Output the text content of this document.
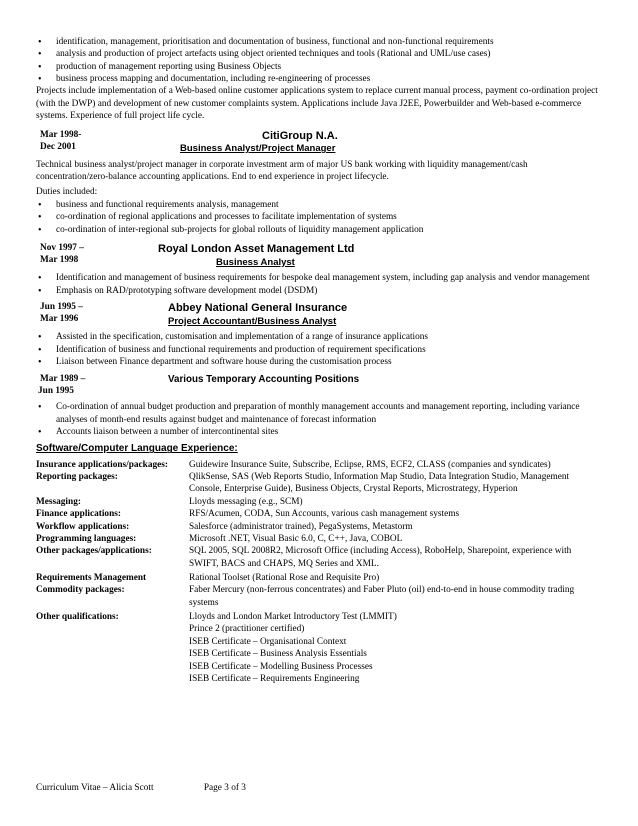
• identification, management, prioritisation and documentation of business, functional and non-functional requirements
• analysis and production of project artefacts using object oriented techniques and tools (Rational and UML/use cases)
• production of management reporting using Business Objects
• business process mapping and documentation, including re-engineering of processes

Projects include implementation of a Web-based online customer applications system to replace current manual process, payment co-ordination project (with the DWP) and development of new customer complaints system. Applications include Java J2EE, Powerbuilder and Web-based e-commerce systems. Experience of full project life cycle.

Mar 1998-
Dec 2001
CitiGroup N.A.
Business Analyst/Project Manager

Technical business analyst/project manager in corporate investment arm of major US bank working with liquidity management/cash concentration/zero-balance accounting applications. End to end experience in project lifecycle.

Duties included:

• business and functional requirements analysis, management
• co-ordination of regional applications and processes to facilitate implementation of systems
• co-ordination of inter-regional sub-projects for global rollouts of liquidity management application
Nov 1997 –
Mar 1998
Royal London Asset Management Ltd
Business Analyst
• Identification and management of business requirements for bespoke deal management system, including gap analysis and vendor management
• Emphasis on RAD/prototyping software development model (DSDM)
Jun 1995 –
Mar 1996
Abbey National General Insurance
Project Accountant/Business Analyst
• Assisted in the specification, customisation and implementation of a range of insurance applications
• Identification of business and functional requirements and production of requirement specifications
• Liaison between Finance department and software house during the customisation process
Mar 1989 –
Jun 1995
Various Temporary Accounting Positions
• Co-ordination of annual budget production and preparation of monthly management accounts and management reporting, including variance analyses of month-end results against budget and maintenance of forecast information
• Accounts liaison between a number of intercontinental sites
Software/Computer Language Experience:
Insurance applications/packages:	Guidewire Insurance Suite, Subscribe, Eclipse, RMS, ECF2, CLASS (companies and syndicates)
Reporting packages:	QlikSense, SAS (Web Reports Studio, Information Map Studio, Data Integration Studio, Management Console, Enterprise Guide), Business Objects, Crystal Reports, Microstrategy, Hyperion
Messaging:	Lloyds messaging (e.g., SCM)
Finance applications:	RFS/Acumen, CODA, Sun Accounts, various cash management systems
Workflow applications:	Salesforce (administrator trained), PegaSystems, Metastorm
Programming languages:	Microsoft .NET, Visual Basic 6.0, C, C++, Java, COBOL
Other packages/applications:	SQL 2005, SQL 2008R2, Microsoft Office (including Access), RoboHelp, Sharepoint, experience with SWIFT, BACS and CHAPS, MQ Series and XML.
Requirements Management	Rational Toolset (Rational Rose and Requisite Pro)
Commodity packages:	Faber Mercury (non-ferrous concentrates) and Faber Pluto (oil) end-to-end in house commodity trading systems
Other qualifications:	Lloyds and London Market Introductory Test (LMMIT)
Prince 2 (practitioner certified)
ISEB Certificate – Organisational Context
ISEB Certificate – Business Analysis Essentials
ISEB Certificate – Modelling Business Processes
ISEB Certificate – Requirements Engineering
Curriculum Vitae – Alicia Scott	Page 3 of 3
